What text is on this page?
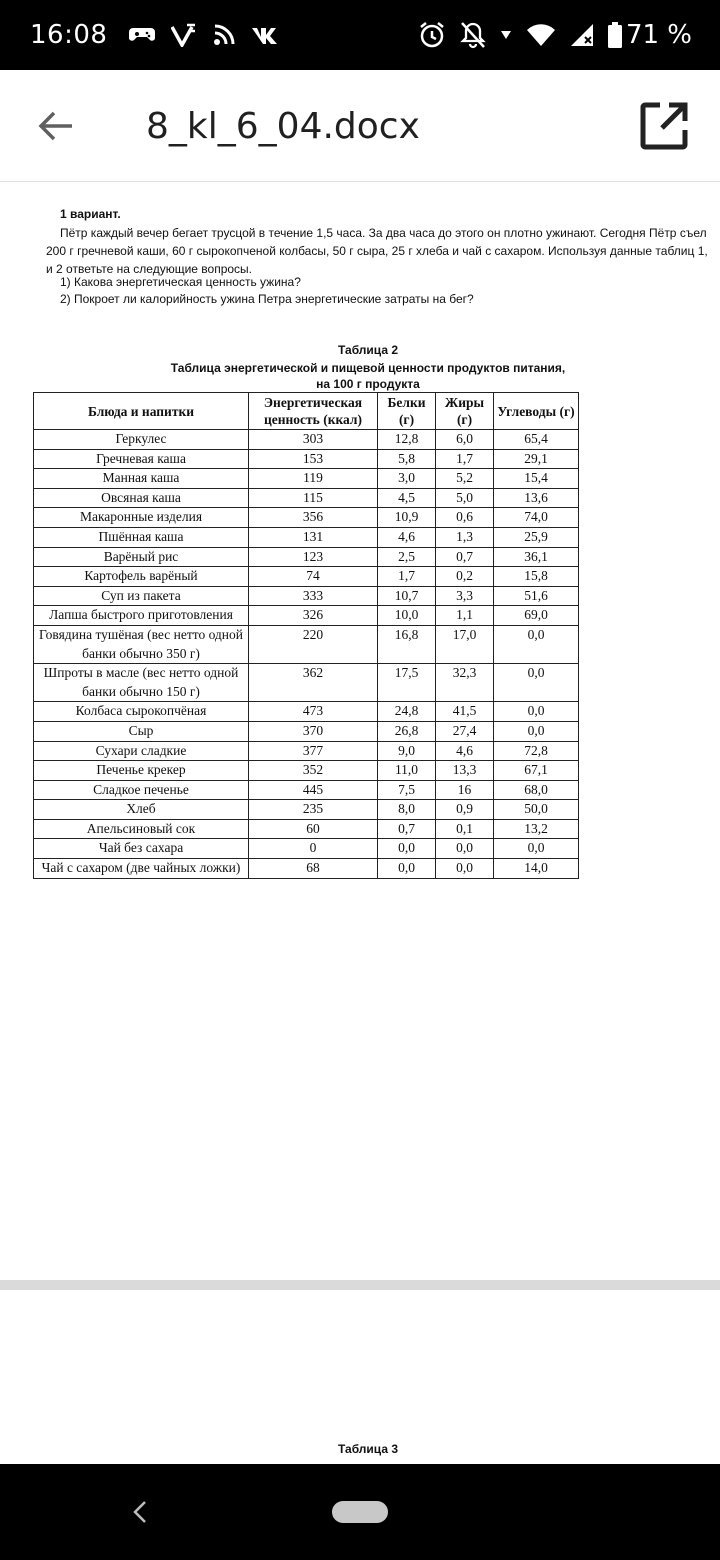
16:08	71 %
8_kl_6_04.docx
1 вариант.
Пётр каждый вечер бегает трусцой в течение 1,5 часа. За два часа до этого он плотно ужинают. Сегодня Пётр съел 200 г гречневой каши, 60 г сырокопченой колбасы, 50 г сыра, 25 г хлеба и чай с сахаром. Используя данные таблиц 1, и 2 ответьте на следующие вопросы.
1) Какова энергетическая ценность ужина?
2) Покроет ли калорийность ужина Петра энергетические затраты на бег?
Таблица 2
Таблица энергетической и пищевой ценности продуктов питания,
на 100 г продукта
Блюда и напитки	Энергетическая ценность (ккал)	Белки (г)	Жиры (г)	Углеводы (г)
Геркулес	303	12,8	6,0	65,4
Гречневая каша	153	5,8	1,7	29,1
Манная каша	119	3,0	5,2	15,4
Овсяная каша	115	4,5	5,0	13,6
Макаронные изделия	356	10,9	0,6	74,0
Пшённая каша	131	4,6	1,3	25,9
Варёный рис	123	2,5	0,7	36,1
Картофель варёный	74	1,7	0,2	15,8
Суп из пакета	333	10,7	3,3	51,6
Лапша быстрого приготовления	326	10,0	1,1	69,0
Говядина тушёная (вес нетто одной банки обычно 350 г)	220	16,8	17,0	0,0
Шпроты в масле (вес нетто одной банки обычно 150 г)	362	17,5	32,3	0,0
Колбаса сырокопчёная	473	24,8	41,5	0,0
Сыр	370	26,8	27,4	0,0
Сухари сладкие	377	9,0	4,6	72,8
Печенье крекер	352	11,0	13,3	67,1
Сладкое печенье	445	7,5	16	68,0
Хлеб	235	8,0	0,9	50,0
Апельсиновый сок	60	0,7	0,1	13,2
Чай без сахара	0	0,0	0,0	0,0
Чай с сахаром (две чайных ложки)	68	0,0	0,0	14,0
Таблица 3
